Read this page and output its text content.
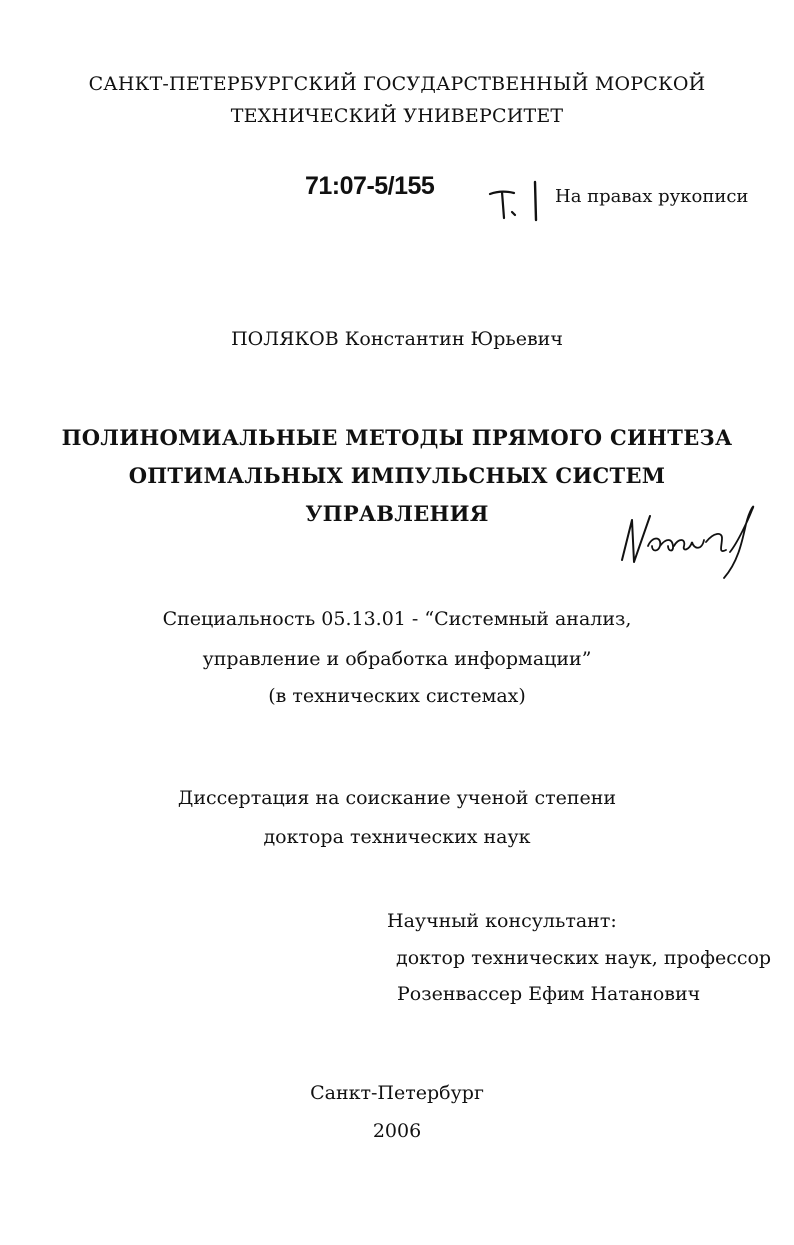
САНКТ-ПЕТЕРБУРГСКИЙ ГОСУДАРСТВЕННЫЙ МОРСКОЙ
ТЕХНИЧЕСКИЙ УНИВЕРСИТЕТ
71:07-5/155	На правах рукописи
ПОЛЯКОВ Константин Юрьевич
ПОЛИНОМИАЛЬНЫЕ МЕТОДЫ ПРЯМОГО СИНТЕЗА
ОПТИМАЛЬНЫХ ИМПУЛЬСНЫХ СИСТЕМ
УПРАВЛЕНИЯ
Специальность 05.13.01 - “Системный анализ,
управление и обработка информации”
(в технических системах)
Диссертация на соискание ученой степени
доктора технических наук
Научный консультант:
доктор технических наук, профессор
Розенвассер Ефим Натанович
Санкт-Петербург
2006
